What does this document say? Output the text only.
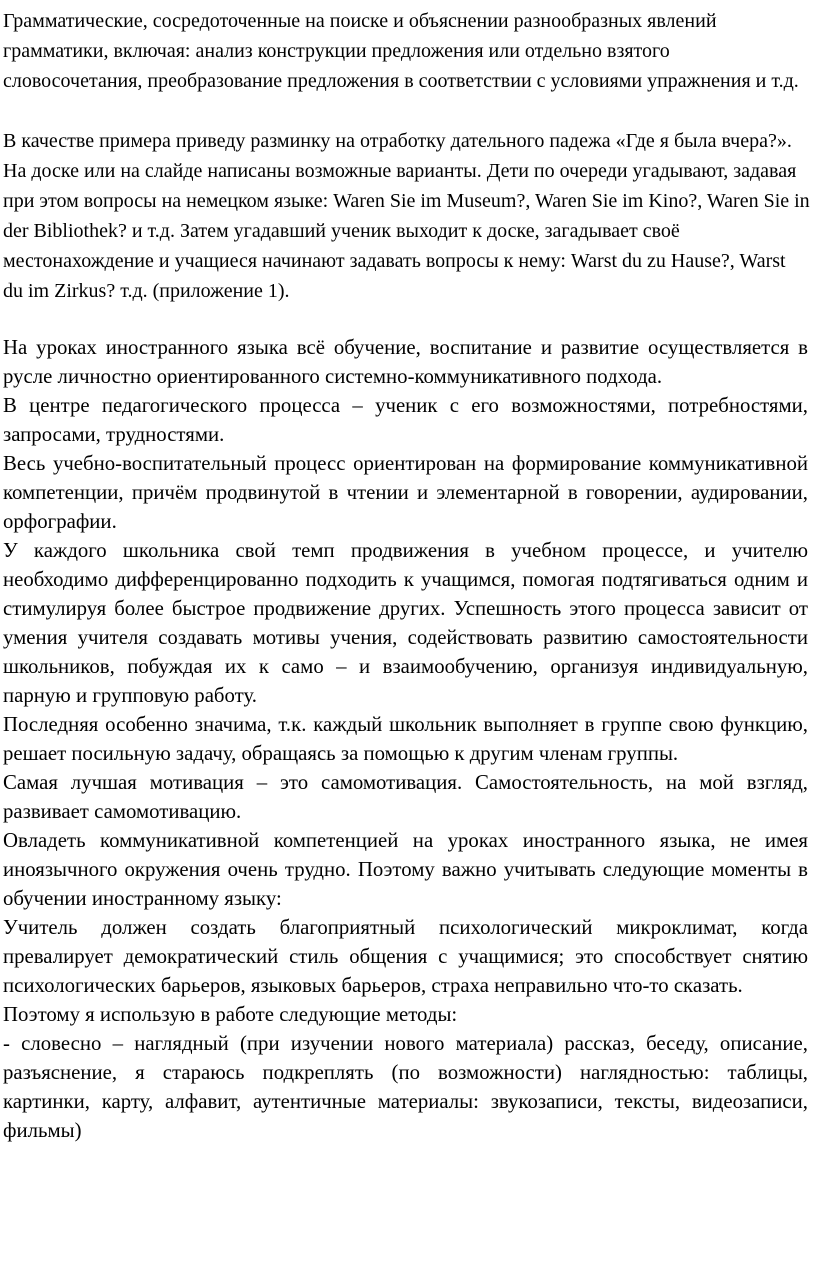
Грамматические, сосредоточенные на поиске и объяснении разнообразных явлений грамматики, включая: анализ конструкции предложения или отдельно взятого словосочетания, преобразование предложения в соответствии с условиями упражнения и т.д.

В качестве примера приведу разминку на отработку дательного падежа «Где я была вчера?». На доске или на слайде написаны возможные варианты. Дети по очереди угадывают, задавая при этом вопросы на немецком языке: Waren Sie im Museum?, Waren Sie im Kino?, Waren Sie in der Bibliothek? и т.д. Затем угадавший ученик выходит к доске, загадывает своё местонахождение и учащиеся начинают задавать вопросы к нему: Warst du zu Hause?, Warst du im Zirkus? т.д. (приложение 1).

На уроках иностранного языка всё обучение, воспитание и развитие осуществляется в русле личностно ориентированного системно-коммуникативного подхода.

В центре педагогического процесса – ученик с его возможностями, потребностями, запросами, трудностями.

Весь учебно-воспитательный процесс ориентирован на формирование коммуникативной компетенции, причём продвинутой в чтении и элементарной в говорении, аудировании, орфографии.

У каждого школьника свой темп продвижения в учебном процессе, и учителю необходимо дифференцированно подходить к учащимся, помогая подтягиваться одним и стимулируя более быстрое продвижение других. Успешность этого процесса зависит от умения учителя создавать мотивы учения, содействовать развитию самостоятельности школьников, побуждая их к само – и взаимообучению, организуя индивидуальную, парную и групповую работу.

Последняя особенно значима, т.к. каждый школьник выполняет в группе свою функцию, решает посильную задачу, обращаясь за помощью к другим членам группы.

Самая лучшая мотивация – это самомотивация. Самостоятельность, на мой взгляд, развивает самомотивацию.

Овладеть коммуникативной компетенцией на уроках иностранного языка, не имея иноязычного окружения очень трудно. Поэтому важно учитывать следующие моменты в обучении иностранному языку:

Учитель должен создать благоприятный психологический микроклимат, когда превалирует демократический стиль общения с учащимися; это способствует снятию психологических барьеров, языковых барьеров, страха неправильно что-то сказать.

Поэтому я использую в работе следующие методы:

- словесно – наглядный (при изучении нового материала) рассказ, беседу, описание, разъяснение, я стараюсь подкреплять (по возможности) наглядностью: таблицы, картинки, карту, алфавит, аутентичные материалы: звукозаписи, тексты, видеозаписи, фильмы)
